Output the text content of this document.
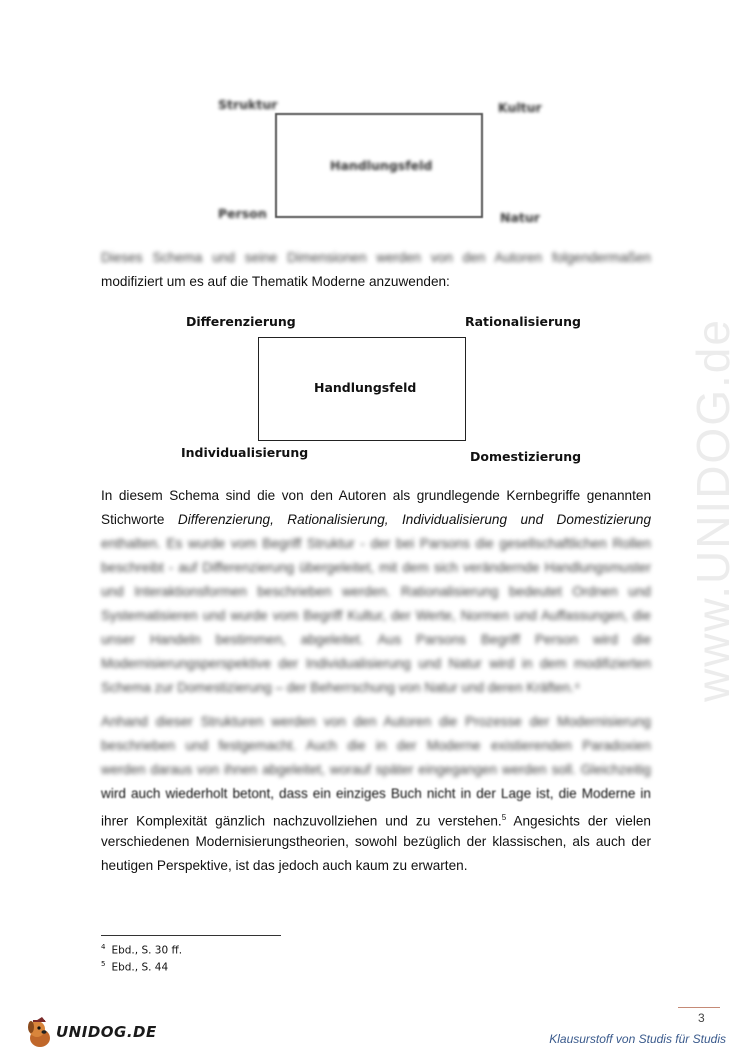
www.UNIDOG.de
Struktur	Kultur
Handlungsfeld
Person	Natur
Dieses Schema und seine Dimensionen werden von den Autoren folgendermaßen
modifiziert um es auf die Thematik Moderne anzuwenden:
Differenzierung	Rationalisierung
Handlungsfeld
Individualisierung	Domestizierung
In diesem Schema sind die von den Autoren als grundlegende Kernbegriffe genannten
Stichworte Differenzierung, Rationalisierung, Individualisierung und Domestizierung
enthalten. Es wurde vom Begriff Struktur - der bei Parsons die gesellschaftlichen Rollen
beschreibt - auf Differenzierung übergeleitet, mit dem sich verändernde Handlungsmuster
und Interaktionsformen beschrieben werden. Rationalisierung bedeutet Ordnen und
Systematisieren und wurde vom Begriff Kultur, der Werte, Normen und Auffassungen, die
unser Handeln bestimmen, abgeleitet. Aus Parsons Begriff Person wird die
Modernisierungsperspektive der Individualisierung und Natur wird in dem modifizierten
Schema zur Domestizierung – der Beherrschung von Natur und deren Kräften.⁴
Anhand dieser Strukturen werden von den Autoren die Prozesse der Modernisierung
beschrieben und festgemacht. Auch die in der Moderne existierenden Paradoxien
werden daraus von ihnen abgeleitet, worauf später eingegangen werden soll. Gleichzeitig
wird auch wiederholt betont, dass ein einziges Buch nicht in der Lage ist, die Moderne in
ihrer Komplexität gänzlich nachzuvollziehen und zu verstehen.$^5$ Angesichts der vielen
verschiedenen Modernisierungstheorien, sowohl bezüglich der klassischen, als auch der
heutigen Perspektive, ist das jedoch auch kaum zu erwarten.
$^4$ Ebd., S. 30 ff.
$^5$ Ebd., S. 44
3
UNIDOG.DE	Klausurstoff von Studis für Studis
